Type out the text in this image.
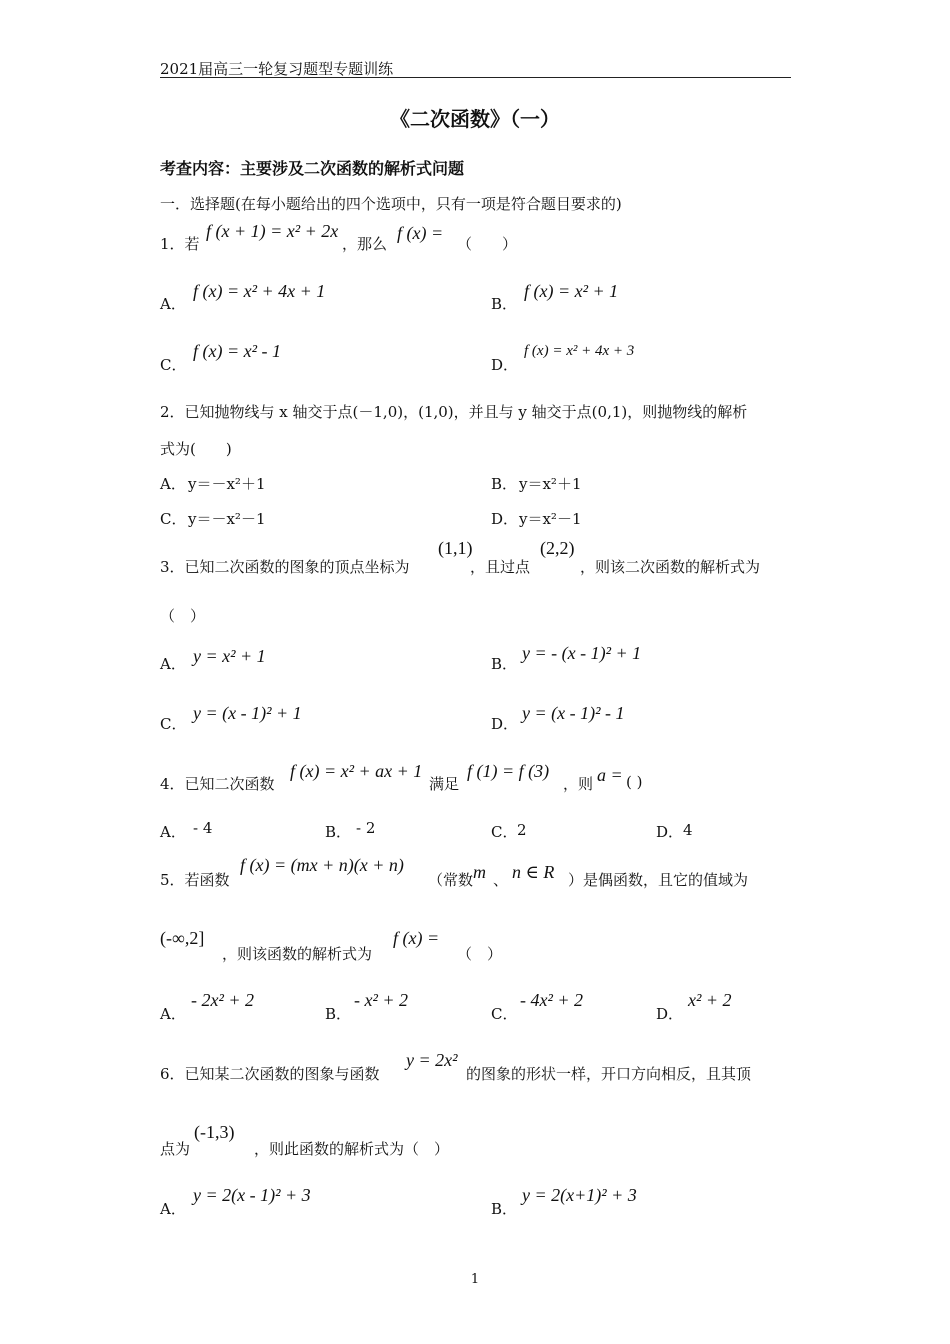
2021届高三一轮复习题型专题训练
《二次函数》（一）
考查内容：主要涉及二次函数的解析式问题
一．选择题(在每小题给出的四个选项中，只有一项是符合题目要求的)
1．若
f (x + 1) = x² + 2x
，那么
f (x) =
（　　）
A．
f (x) = x² + 4x + 1
B．
f (x) = x² + 1
C．
f (x) = x² - 1
D．
f (x) = x² + 4x + 3
2．已知抛物线与 x 轴交于点(－1,0)，(1,0)，并且与 y 轴交于点(0,1)，则抛物线的解析
式为(　　)
A． y＝－x²＋1	B． y＝x²＋1
C． y＝－x²－1	D． y＝x²－1
3．已知二次函数的图象的顶点坐标为
(1,1)
，且过点
(2,2)
，则该二次函数的解析式为
（　）
A． y = x² + 1	B．
y = - (x - 1)² + 1
C．
y = (x - 1)² + 1
D．
y = (x - 1)² - 1
4．已知二次函数
f (x) = x² + ax + 1
满足
f (1) = f (3)
，则 a = ( )
A． - 4	B． - 2	C． 2	D． 4
5．若函数
f (x) = (mx + n)(x + n)
（常数 m 、 n ∈ R ）是偶函数，且它的值域为
(-∞,2]
，则该函数的解析式为
f (x) =
（　）
A．
- 2x² + 2
B．
- x² + 2
C．
- 4x² + 2
D．
x² + 2
6．已知某二次函数的图象与函数
y = 2x²
的图象的形状一样，开口方向相反，且其顶
点为
(-1,3)
，则此函数的解析式为（　）
A．
y = 2(x - 1)² + 3
B．
y = 2(x+1)² + 3
1
